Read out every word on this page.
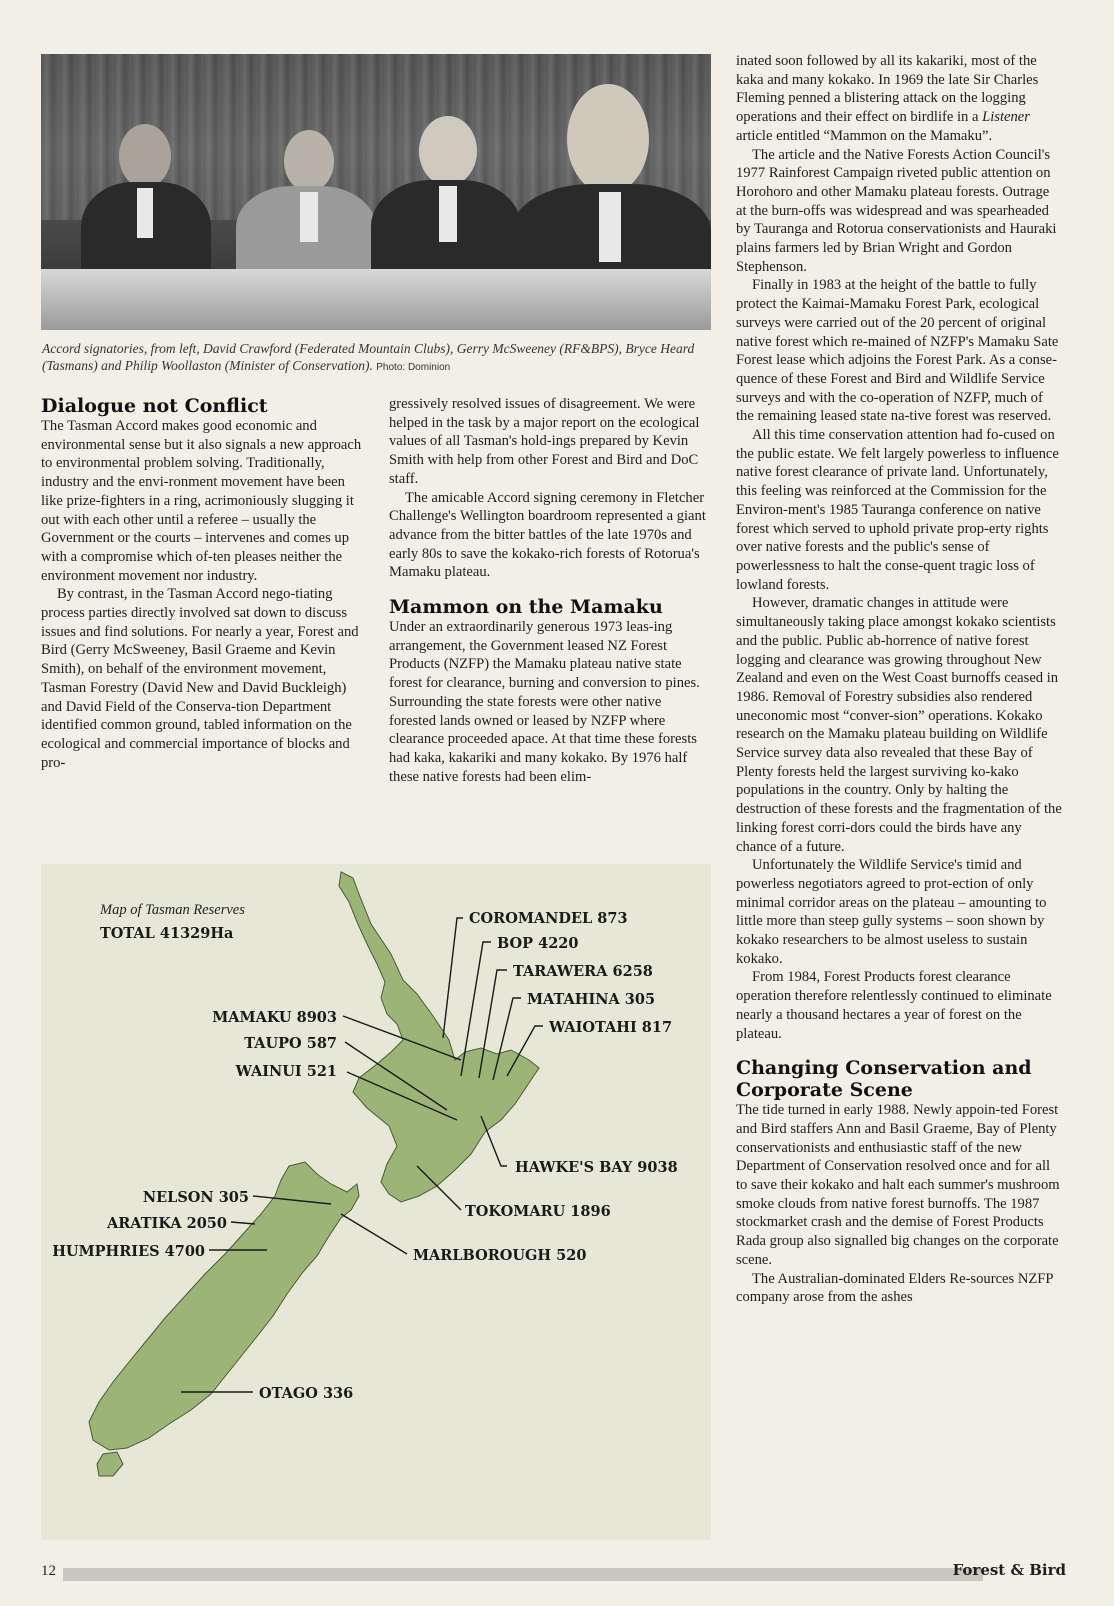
Accord signatories, from left, David Crawford (Federated Mountain Clubs), Gerry McSweeney (RF&BPS), Bryce Heard (Tasmans) and Philip Woollaston (Minister of Conservation). Photo: Dominion
Dialogue not Conflict

The Tasman Accord makes good economic and environmental sense but it also signals a new approach to environmental problem solving. Traditionally, industry and the envi-ronment movement have been like prize-fighters in a ring, acrimoniously slugging it out with each other until a referee – usually the Government or the courts – intervenes and comes up with a compromise which of-ten pleases neither the environment movement nor industry.

By contrast, in the Tasman Accord nego-tiating process parties directly involved sat down to discuss issues and find solutions. For nearly a year, Forest and Bird (Gerry McSweeney, Basil Graeme and Kevin Smith), on behalf of the environment movement, Tasman Forestry (David New and David Buckleigh) and David Field of the Conserva-tion Department identified common ground, tabled information on the ecological and commercial importance of blocks and pro-

gressively resolved issues of disagreement. We were helped in the task by a major report on the ecological values of all Tasman's hold-ings prepared by Kevin Smith with help from other Forest and Bird and DoC staff.

The amicable Accord signing ceremony in Fletcher Challenge's Wellington boardroom represented a giant advance from the bitter battles of the late 1970s and early 80s to save the kokako-rich forests of Rotorua's Mamaku plateau.

Mammon on the Mamaku

Under an extraordinarily generous 1973 leas-ing arrangement, the Government leased NZ Forest Products (NZFP) the Mamaku plateau native state forest for clearance, burning and conversion to pines. Surrounding the state forests were other native forested lands owned or leased by NZFP where clearance proceeded apace. At that time these forests had kaka, kakariki and many kokako. By 1976 half these native forests had been elim-

inated soon followed by all its kakariki, most of the kaka and many kokako. In 1969 the late Sir Charles Fleming penned a blistering attack on the logging operations and their effect on birdlife in a Listener article entitled “Mammon on the Mamaku”.

The article and the Native Forests Action Council's 1977 Rainforest Campaign riveted public attention on Horohoro and other Mamaku plateau forests. Outrage at the burn-offs was widespread and was spearheaded by Tauranga and Rotorua conservationists and Hauraki plains farmers led by Brian Wright and Gordon Stephenson.

Finally in 1983 at the height of the battle to fully protect the Kaimai-Mamaku Forest Park, ecological surveys were carried out of the 20 percent of original native forest which re-mained of NZFP's Mamaku Sate Forest lease which adjoins the Forest Park. As a conse-quence of these Forest and Bird and Wildlife Service surveys and with the co-operation of NZFP, much of the remaining leased state na-tive forest was reserved.

All this time conservation attention had fo-cused on the public estate. We felt largely powerless to influence native forest clearance of private land. Unfortunately, this feeling was reinforced at the Commission for the Environ-ment's 1985 Tauranga conference on native forest which served to uphold private prop-erty rights over native forests and the public's sense of powerlessness to halt the conse-quent tragic loss of lowland forests.

However, dramatic changes in attitude were simultaneously taking place amongst kokako scientists and the public. Public ab-horrence of native forest logging and clearance was growing throughout New Zealand and even on the West Coast burnoffs ceased in 1986. Removal of Forestry subsidies also rendered uneconomic most “conver-sion” operations. Kokako research on the Mamaku plateau building on Wildlife Service survey data also revealed that these Bay of Plenty forests held the largest surviving ko-kako populations in the country. Only by halting the destruction of these forests and the fragmentation of the linking forest corri-dors could the birds have any chance of a future.

Unfortunately the Wildlife Service's timid and powerless negotiators agreed to prot-ection of only minimal corridor areas on the plateau – amounting to little more than steep gully systems – soon shown by kokako researchers to be almost useless to sustain kokako.

From 1984, Forest Products forest clearance operation therefore relentlessly continued to eliminate nearly a thousand hectares a year of forest on the plateau.

Changing Conservation and Corporate Scene

The tide turned in early 1988. Newly appoin-ted Forest and Bird staffers Ann and Basil Graeme, Bay of Plenty conservationists and enthusiastic staff of the new Department of Conservation resolved once and for all to save their kokako and halt each summer's mushroom smoke clouds from native forest burnoffs. The 1987 stockmarket crash and the demise of Forest Products Rada group also signalled big changes on the corporate scene.

The Australian-dominated Elders Re-sources NZFP company arose from the ashes

Map of Tasman Reserves
TOTAL 41329Ha
COROMANDEL 873
BOP 4220
TARAWERA 6258
MATAHINA 305
WAIOTAHI 817
MAMAKU 8903
TAUPO 587
WAINUI 521
HAWKE'S BAY 9038
TOKOMARU 1896
NELSON 305
ARATIKA 2050
HUMPHRIES 4700	MARLBOROUGH 520
OTAGO 336
12	Forest & Bird
